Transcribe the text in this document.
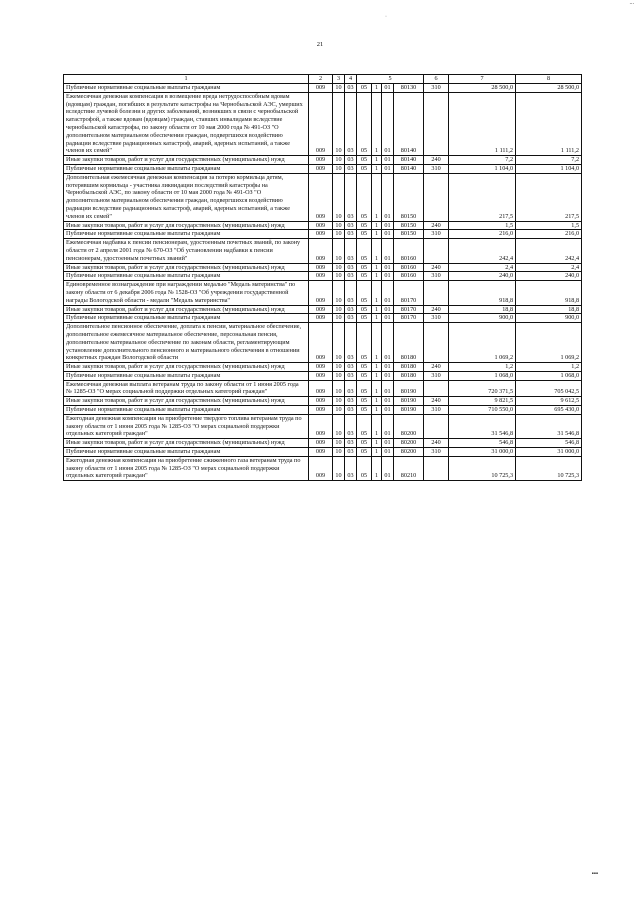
...
·
21
1	2	3	4	5				6	7	8
Публичные нормативные социальные выплаты гражданам	009	10	03	05	1	01	80130	310	28 500,0	28 500,0
Ежемесячная денежная компенсация в возмещение вреда нетрудоспособным вдовам (вдовцам) граждан, погибших в результате катастрофы на Чернобыльской АЭС, умерших вследствие лучевой болезни и других заболеваний, возникших в связи с чернобыльской катастрофой, а также вдовам (вдовцам) граждан, ставших инвалидами вследствие чернобыльской катастрофы, по закону области от 10 мая 2000 года № 491-ОЗ "О дополнительном материальном обеспечении граждан, подвергшихся воздействию радиации вследствие радиационных катастроф, аварий, ядерных испытаний, а также членов их семей"	009	10	03	05	1	01	80140		1 111,2	1 111,2
Иные закупки товаров, работ и услуг для государственных (муниципальных) нужд	009	10	03	05	1	01	80140	240	7,2	7,2
Публичные нормативные социальные выплаты гражданам	009	10	03	05	1	01	80140	310	1 104,0	1 104,0
Дополнительная ежемесячная денежная компенсация за потерю кормильца детям, потерявшим кормильца - участника ликвидации последствий катастрофы на Чернобыльской АЭС, по закону области от 10 мая 2000 года № 491-ОЗ "О дополнительном материальном обеспечении граждан, подвергшихся воздействию радиации вследствие радиационных катастроф, аварий, ядерных испытаний, а также членов их семей"	009	10	03	05	1	01	80150		217,5	217,5
Иные закупки товаров, работ и услуг для государственных (муниципальных) нужд	009	10	03	05	1	01	80150	240	1,5	1,5
Публичные нормативные социальные выплаты гражданам	009	10	03	05	1	01	80150	310	216,0	216,0
Ежемесячная надбавка к пенсии пенсионерам, удостоенным почетных званий, по закону области от 2 апреля 2001 года № 670-ОЗ "Об установлении надбавки к пенсии пенсионерам, удостоенным почетных званий"	009	10	03	05	1	01	80160		242,4	242,4
Иные закупки товаров, работ и услуг для государственных (муниципальных) нужд	009	10	03	05	1	01	80160	240	2,4	2,4
Публичные нормативные социальные выплаты гражданам	009	10	03	05	1	01	80160	310	240,0	240,0
Единовременное вознаграждение при награждении медалью "Медаль материнства" по закону области от 6 декабря 2006 года № 1528-ОЗ "Об учреждении государственной награды Вологодской области - медали "Медаль материнства"	009	10	03	05	1	01	80170		918,8	918,8
Иные закупки товаров, работ и услуг для государственных (муниципальных) нужд	009	10	03	05	1	01	80170	240	18,8	18,8
Публичные нормативные социальные выплаты гражданам	009	10	03	05	1	01	80170	310	900,0	900,0
Дополнительное пенсионное обеспечение, доплата к пенсии, материальное обеспечение, дополнительное ежемесячное материальное обеспечение, персональная пенсия, дополнительное материальное обеспечение по законам области, регламентирующим установление дополнительного пенсионного и материального обеспечения в отношении конкретных граждан Вологодской области	009	10	03	05	1	01	80180		1 069,2	1 069,2
Иные закупки товаров, работ и услуг для государственных (муниципальных) нужд	009	10	03	05	1	01	80180	240	1,2	1,2
Публичные нормативные социальные выплаты гражданам	009	10	03	05	1	01	80180	310	1 068,0	1 068,0
Ежемесячная денежная выплата ветеранам труда по закону области от 1 июня 2005 года № 1285-ОЗ "О мерах социальной поддержки отдельных категорий граждан"	009	10	03	05	1	01	80190		720 371,5	705 042,5
Иные закупки товаров, работ и услуг для государственных (муниципальных) нужд	009	10	03	05	1	01	80190	240	9 821,5	9 612,5
Публичные нормативные социальные выплаты гражданам	009	10	03	05	1	01	80190	310	710 550,0	695 430,0
Ежегодная денежная компенсация на приобретение твердого топлива ветеранам труда по закону области от 1 июня 2005 года № 1285-ОЗ "О мерах социальной поддержки отдельных категорий граждан"	009	10	03	05	1	01	80200		31 546,8	31 546,8
Иные закупки товаров, работ и услуг для государственных (муниципальных) нужд	009	10	03	05	1	01	80200	240	546,8	546,8
Публичные нормативные социальные выплаты гражданам	009	10	03	05	1	01	80200	310	31 000,0	31 000,0
Ежегодная денежная компенсация на приобретение сжиженного газа ветеранам труда по закону области от 1 июня 2005 года № 1285-ОЗ "О мерах социальной поддержки отдельных категорий граждан"	009	10	03	05	1	01	80210		10 725,3	10 725,3
▪▪▪
